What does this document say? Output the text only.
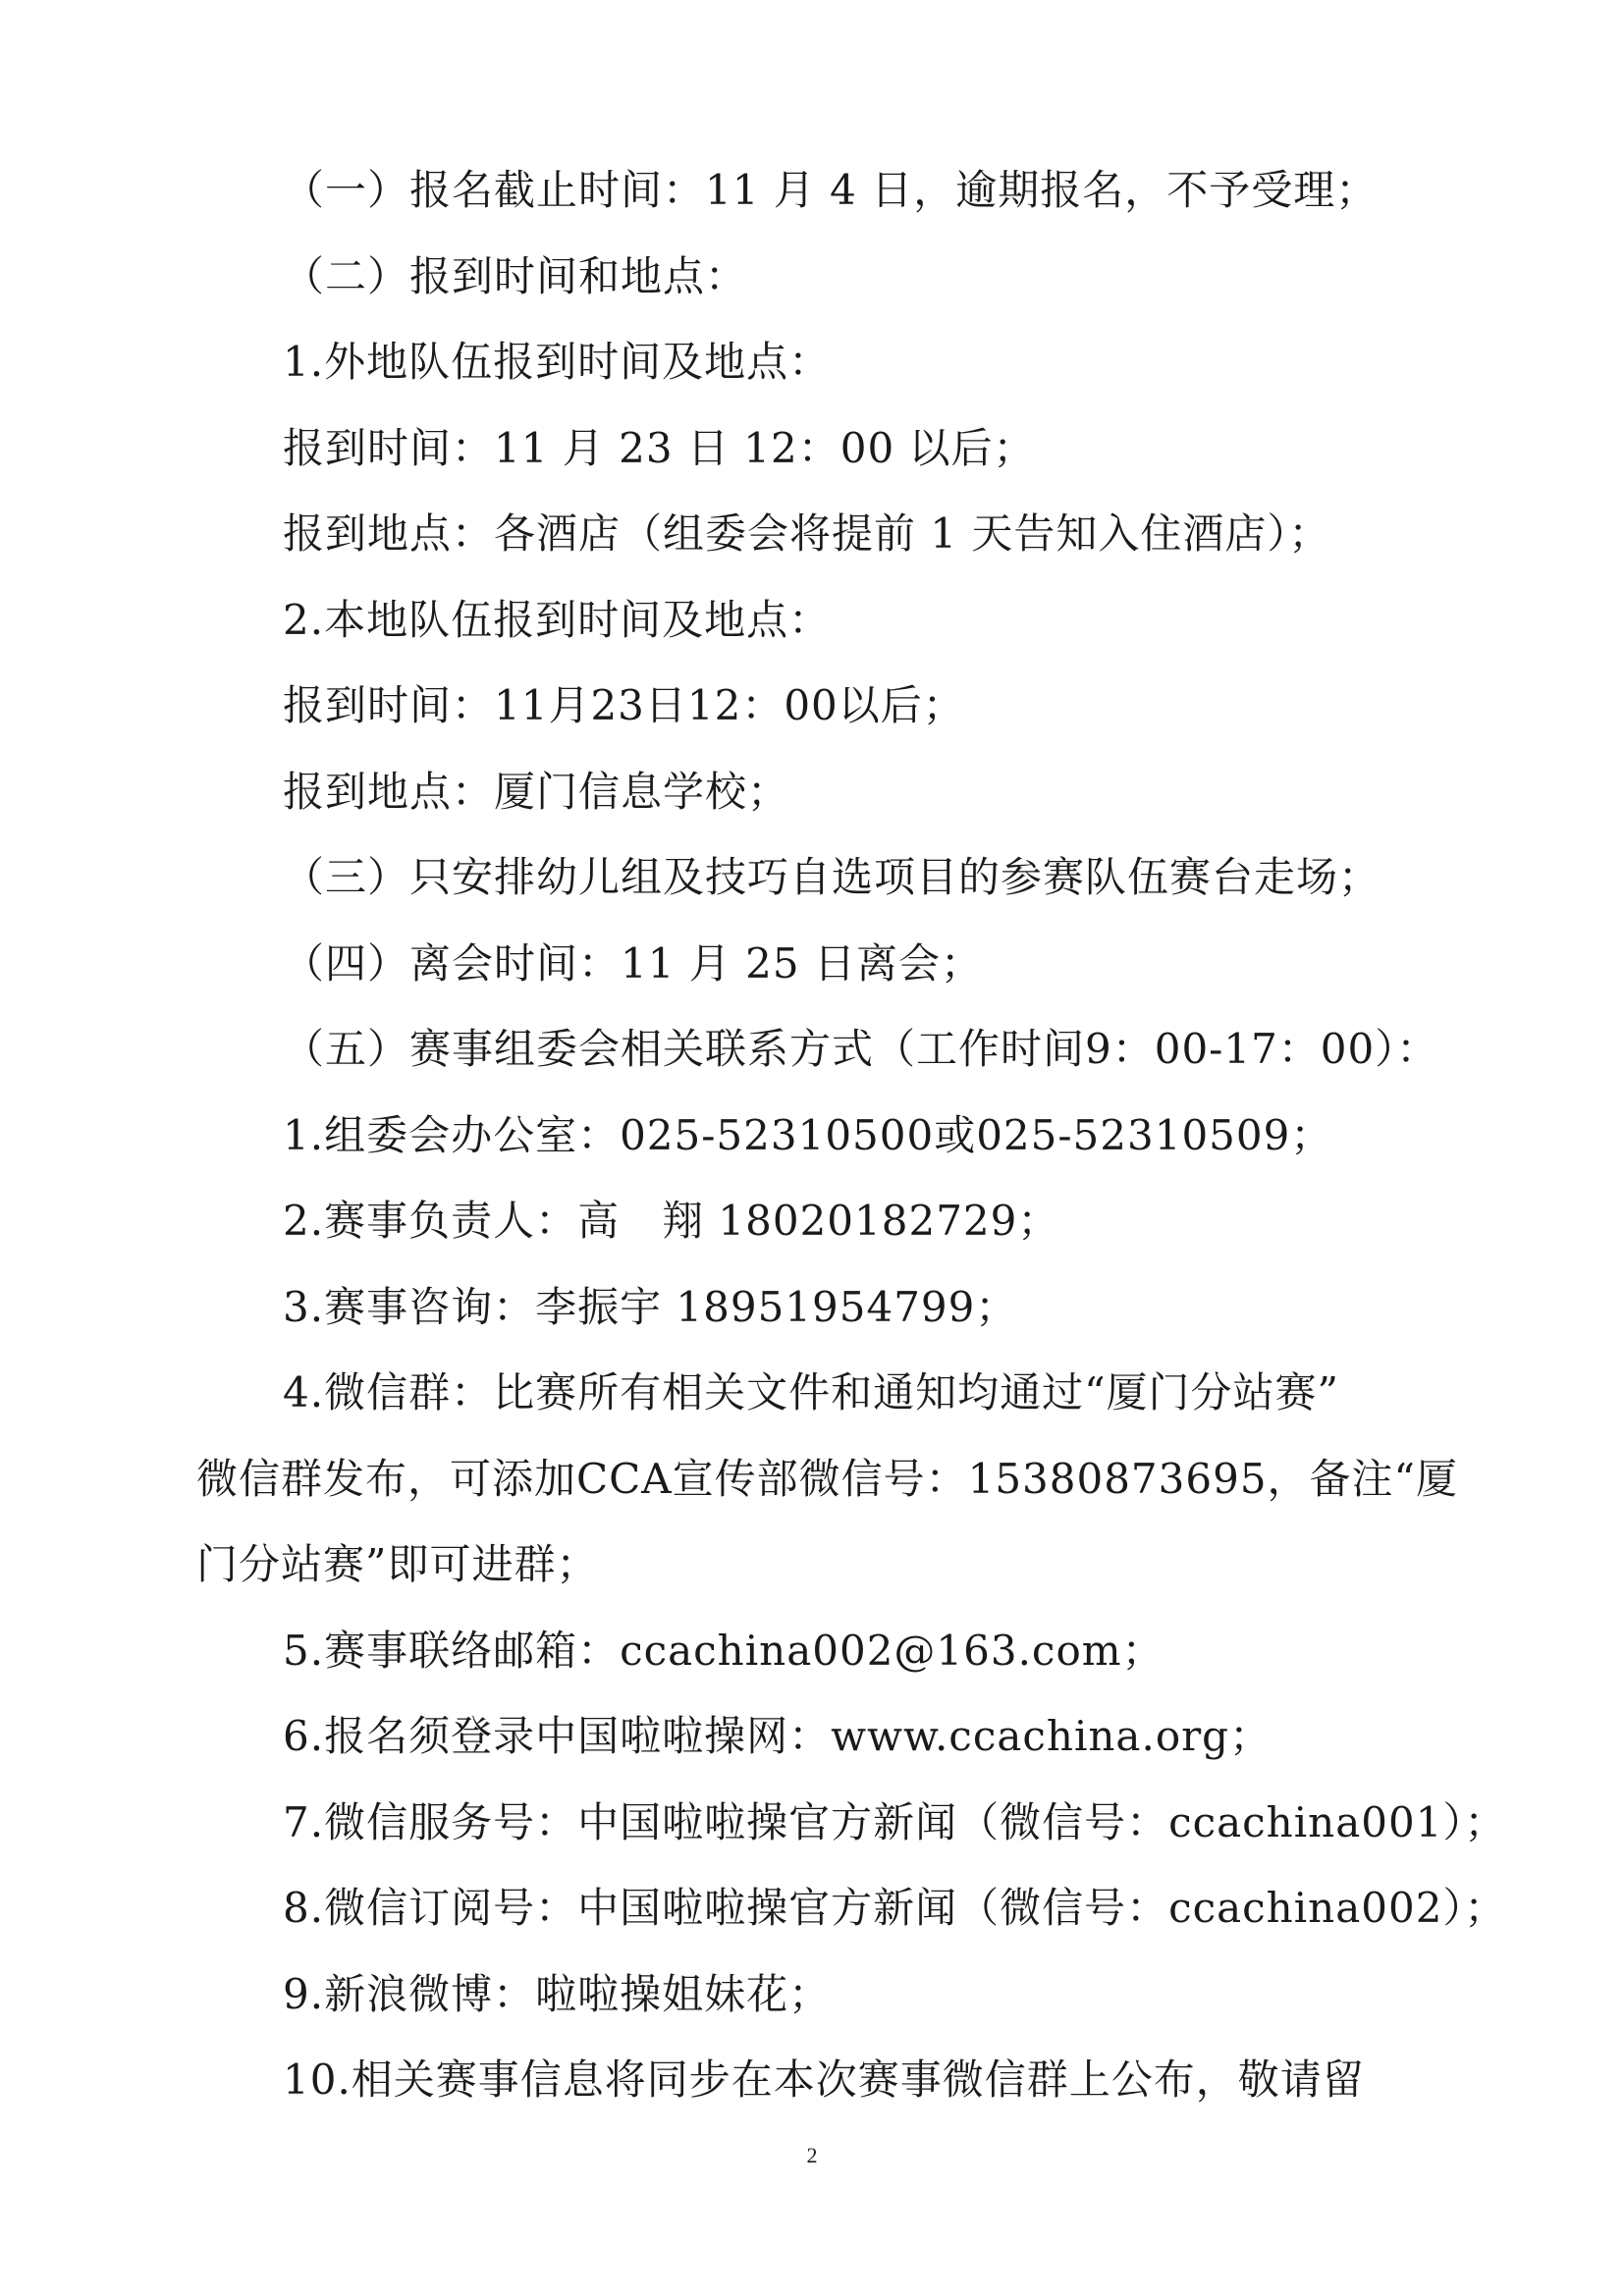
（一）报名截止时间：11 月 4 日，逾期报名，不予受理；
（二）报到时间和地点：
1.外地队伍报到时间及地点：
报到时间：11 月 23 日 12：00 以后；
报到地点：各酒店（组委会将提前 1 天告知入住酒店）；
2.本地队伍报到时间及地点：
报到时间：11月23日12：00以后；
报到地点：厦门信息学校；
（三）只安排幼儿组及技巧自选项目的参赛队伍赛台走场；
（四）离会时间：11 月 25 日离会；
（五）赛事组委会相关联系方式（工作时间9：00-17：00）：
1.组委会办公室：025-52310500或025-52310509；
2.赛事负责人：高　翔 18020182729；
3.赛事咨询：李振宇 18951954799；
4.微信群：比赛所有相关文件和通知均通过“厦门分站赛”
微信群发布，可添加CCA宣传部微信号：15380873695，备注“厦
门分站赛”即可进群；
5.赛事联络邮箱：ccachina002@163.com；
6.报名须登录中国啦啦操网：www.ccachina.org；
7.微信服务号：中国啦啦操官方新闻（微信号：ccachina001）；
8.微信订阅号：中国啦啦操官方新闻（微信号：ccachina002）；
9.新浪微博：啦啦操姐妹花；
10.相关赛事信息将同步在本次赛事微信群上公布，敬请留
2
